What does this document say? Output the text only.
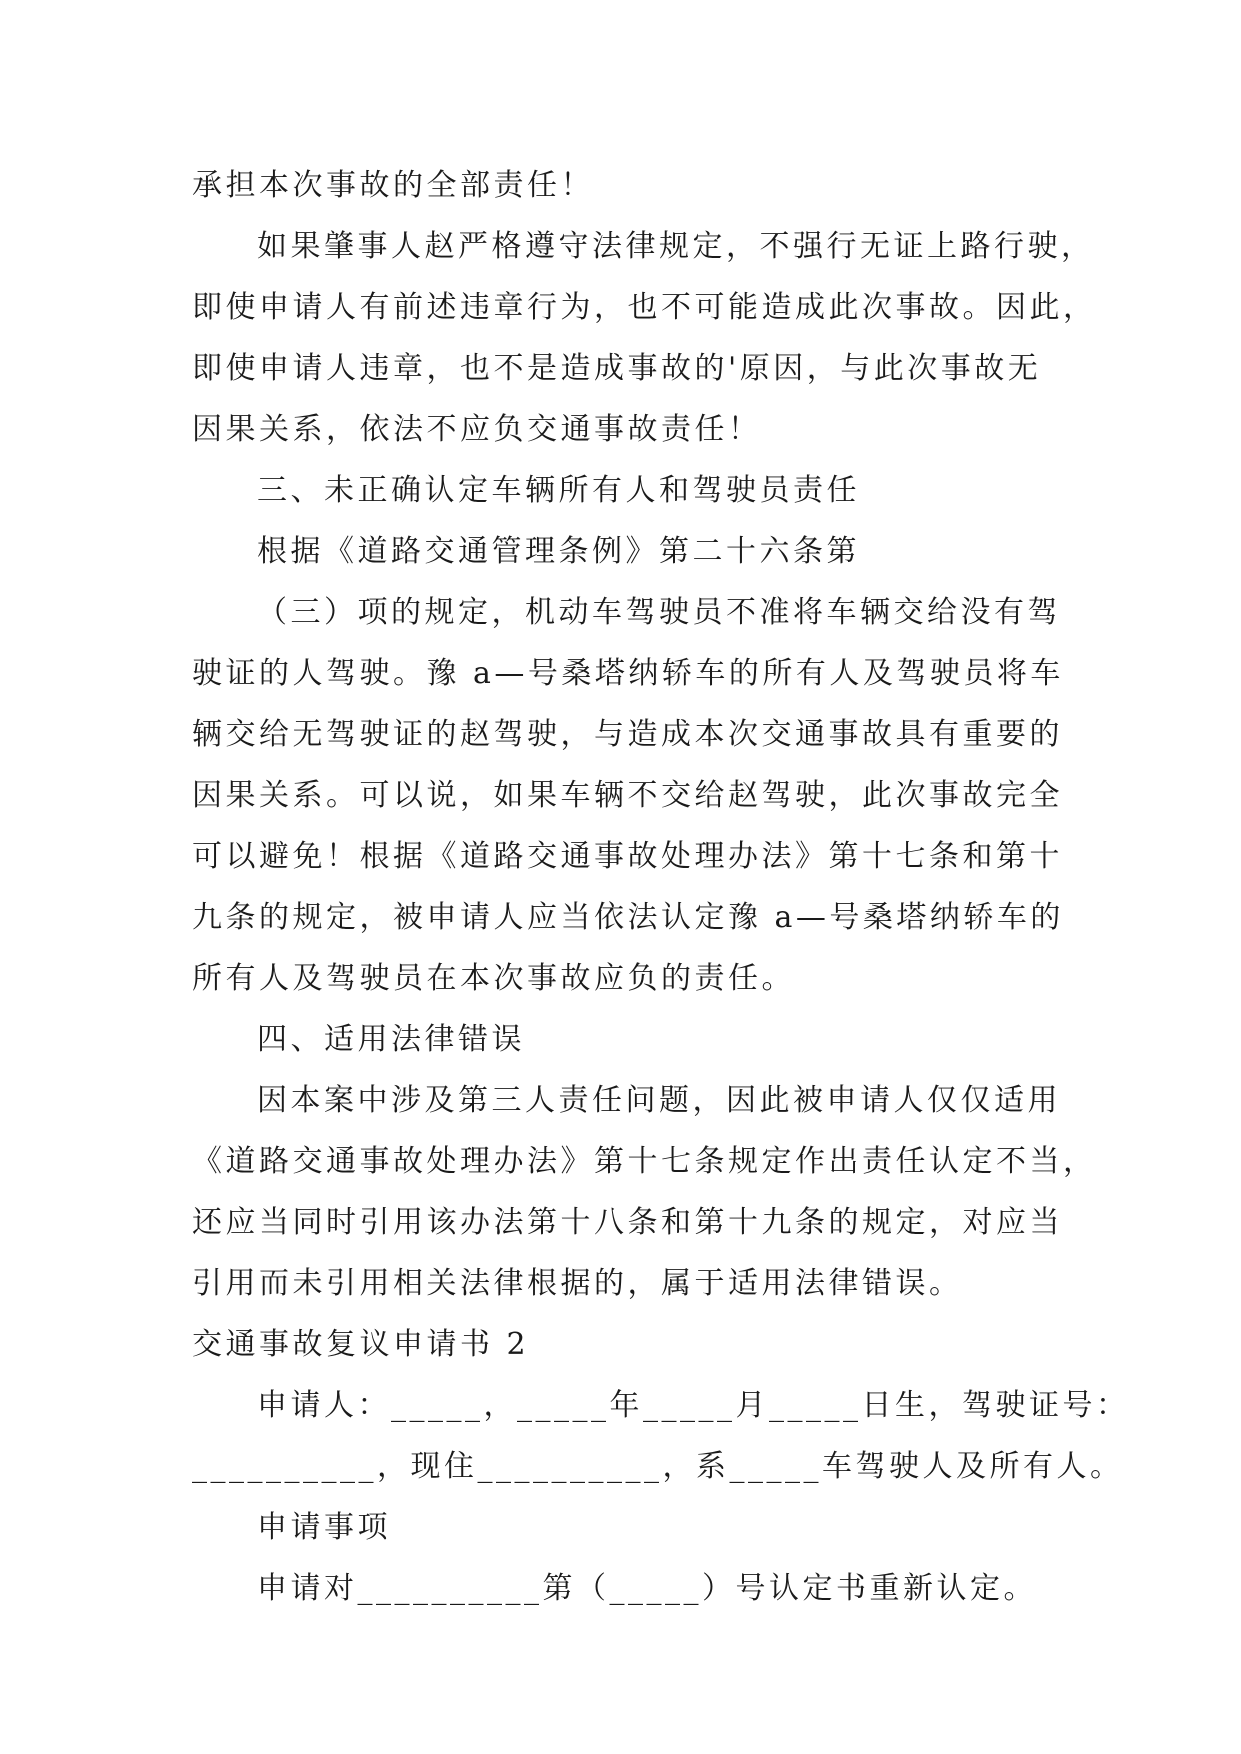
承担本次事故的全部责任！
如果肇事人赵严格遵守法律规定，不强行无证上路行驶，
即使申请人有前述违章行为，也不可能造成此次事故。因此，
即使申请人违章，也不是造成事故的'原因，与此次事故无
因果关系，依法不应负交通事故责任！
三、未正确认定车辆所有人和驾驶员责任
根据《道路交通管理条例》第二十六条第
（三）项的规定，机动车驾驶员不准将车辆交给没有驾
驶证的人驾驶。豫 a—号桑塔纳轿车的所有人及驾驶员将车
辆交给无驾驶证的赵驾驶，与造成本次交通事故具有重要的
因果关系。可以说，如果车辆不交给赵驾驶，此次事故完全
可以避免！根据《道路交通事故处理办法》第十七条和第十
九条的规定，被申请人应当依法认定豫 a—号桑塔纳轿车的
所有人及驾驶员在本次事故应负的责任。
四、适用法律错误
因本案中涉及第三人责任问题，因此被申请人仅仅适用
《道路交通事故处理办法》第十七条规定作出责任认定不当，
还应当同时引用该办法第十八条和第十九条的规定，对应当
引用而未引用相关法律根据的，属于适用法律错误。
交通事故复议申请书 2
申请人：_____，_____年_____月_____日生，驾驶证号：
__________，现住__________，系_____车驾驶人及所有人。
申请事项
申请对__________第（_____）号认定书重新认定。
